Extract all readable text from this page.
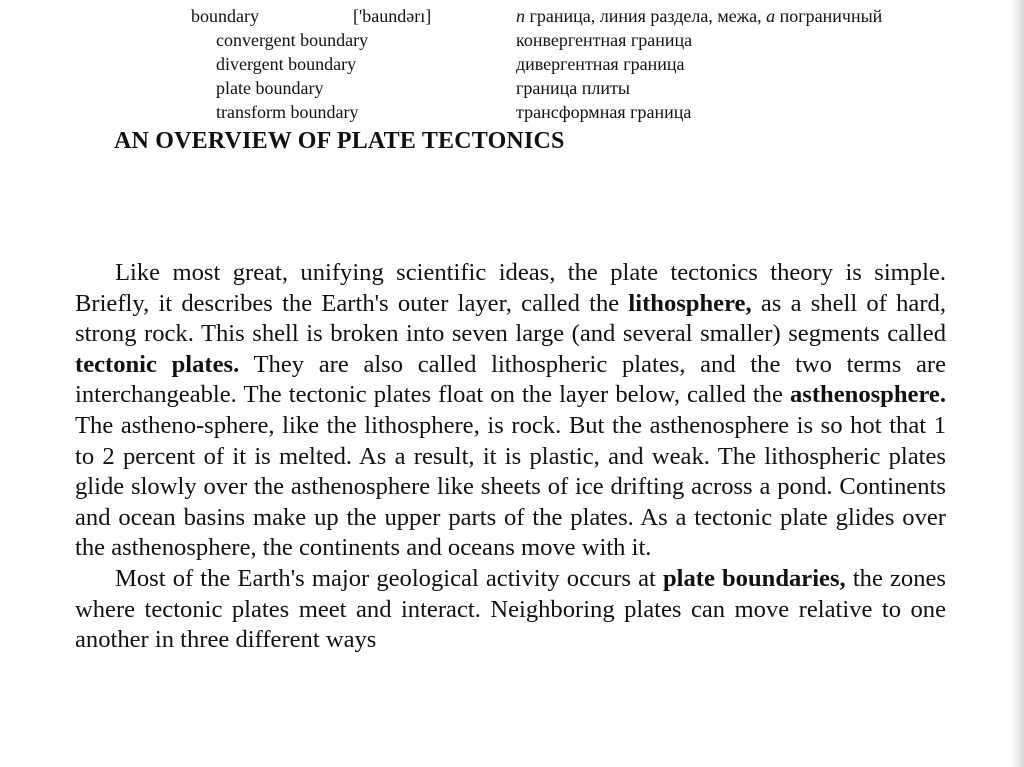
boundary	['baundərı]	n граница, линия раздела, межа, a пограничный
convergent boundary	конвергентная граница
divergent boundary	дивергентная граница
plate boundary	граница плиты
transform boundary	трансформная граница
AN OVERVIEW OF PLATE TECTONICS

Like most great, unifying scientific ideas, the plate tectonics theory is simple. Briefly, it describes the Earth's outer layer, called the lithosphere, as a shell of hard, strong rock. This shell is broken into seven large (and several smaller) segments called tectonic plates. They are also called lithospheric plates, and the two terms are interchangeable. The tectonic plates float on the layer below, called the asthenosphere. The astheno-sphere, like the lithosphere, is rock. But the asthenosphere is so hot that 1 to 2 percent of it is melted. As a result, it is plastic, and weak. The lithospheric plates glide slowly over the asthenosphere like sheets of ice drifting across a pond. Continents and ocean basins make up the upper parts of the plates. As a tectonic plate glides over the asthenosphere, the continents and oceans move with it.

Most of the Earth's major geological activity occurs at plate boundaries, the zones where tectonic plates meet and interact. Neighboring plates can move relative to one another in three different ways
